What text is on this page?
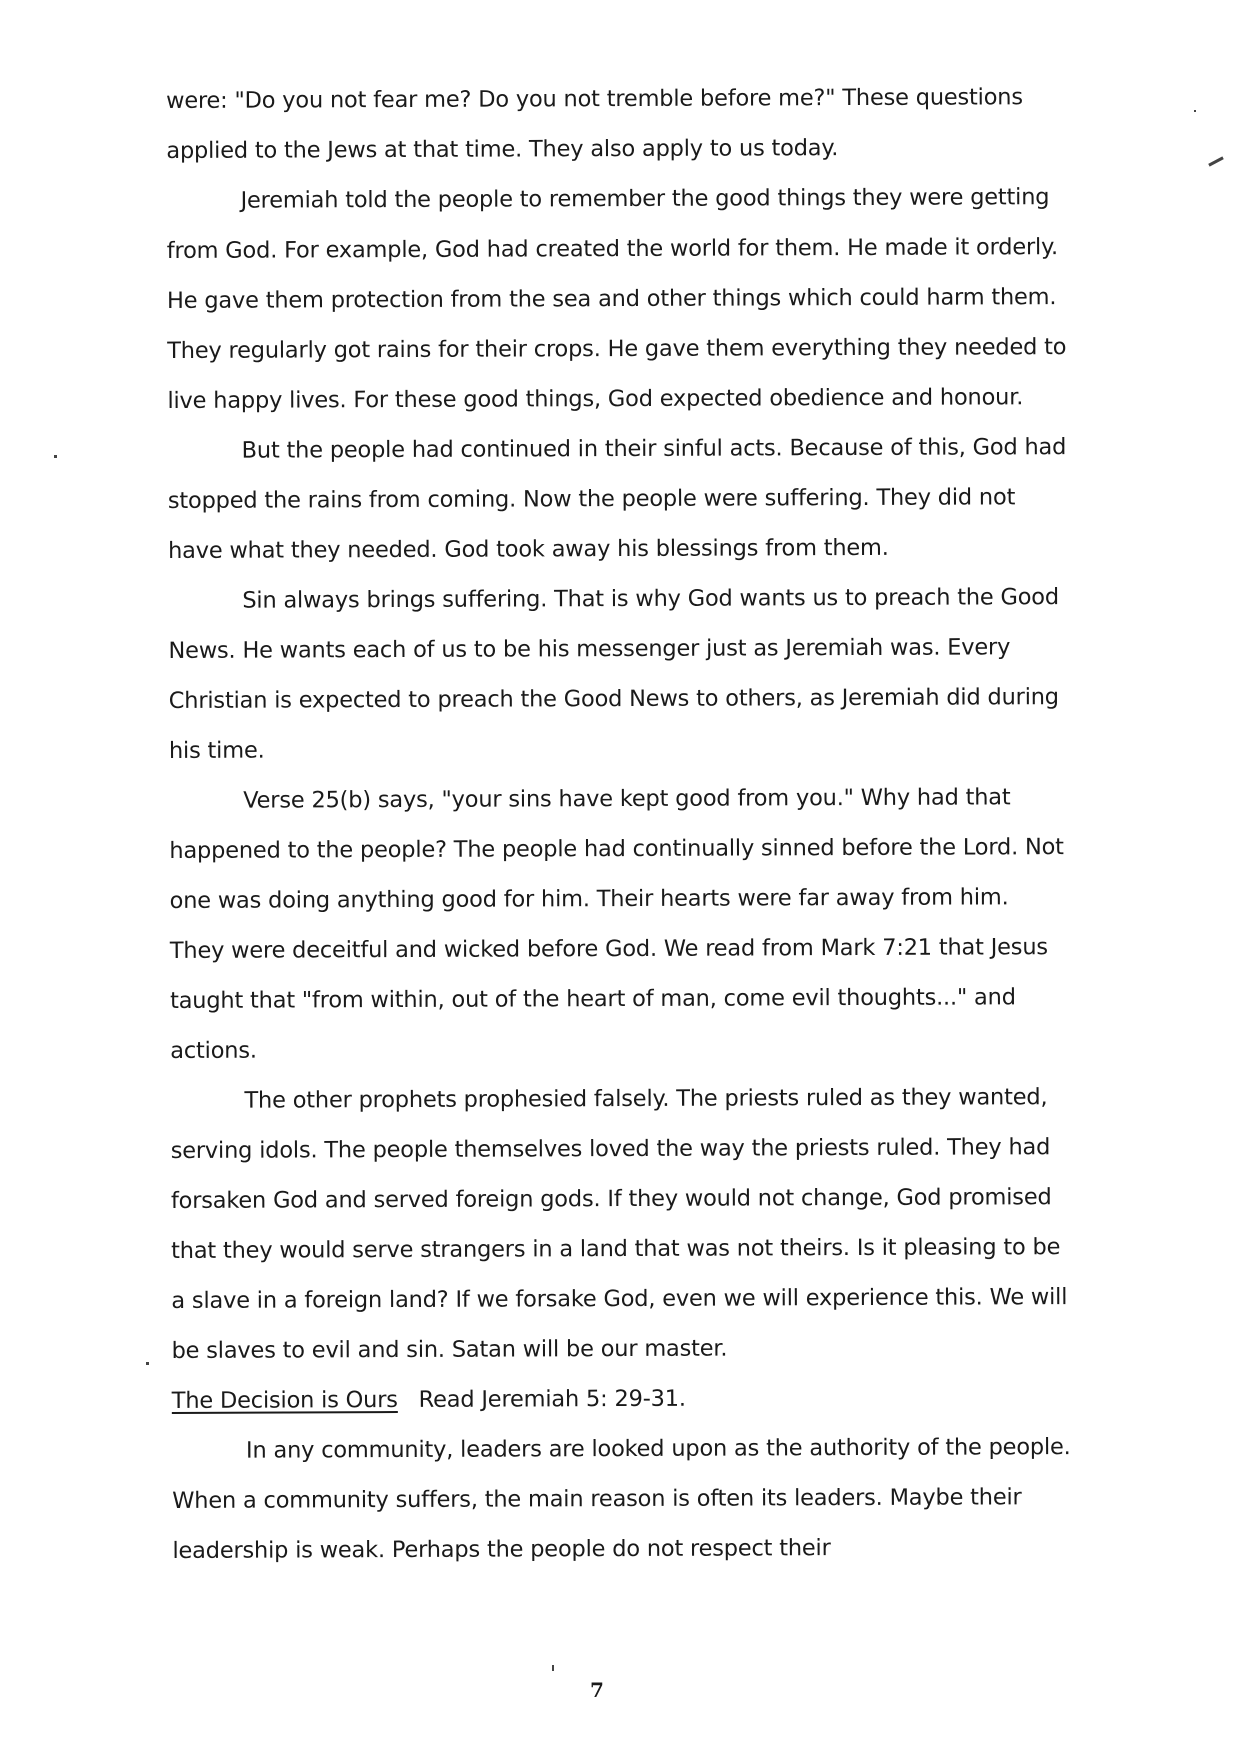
were: "Do you not fear me? Do you not tremble before me?" These questions applied to the Jews at that time. They also apply to us today.

Jeremiah told the people to remember the good things they were getting from God. For example, God had created the world for them. He made it orderly. He gave them protection from the sea and other things which could harm them. They regularly got rains for their crops. He gave them everything they needed to live happy lives. For these good things, God expected obedience and honour.

But the people had continued in their sinful acts. Because of this, God had stopped the rains from coming. Now the people were suffering. They did not have what they needed. God took away his blessings from them.

Sin always brings suffering. That is why God wants us to preach the Good News. He wants each of us to be his messenger just as Jeremiah was. Every Christian is expected to preach the Good News to others, as Jeremiah did during his time.

Verse 25(b) says, "your sins have kept good from you." Why had that happened to the people? The people had continually sinned before the Lord. Not one was doing anything good for him. Their hearts were far away from him. They were deceitful and wicked before God. We read from Mark 7:21 that Jesus taught that "from within, out of the heart of man, come evil thoughts..." and actions.

The other prophets prophesied falsely. The priests ruled as they wanted, serving idols. The people themselves loved the way the priests ruled. They had forsaken God and served foreign gods. If they would not change, God promised that they would serve strangers in a land that was not theirs. Is it pleasing to be a slave in a foreign land? If we forsake God, even we will experience this. We will be slaves to evil and sin. Satan will be our master.

The Decision is Ours Read Jeremiah 5: 29-31.

In any community, leaders are looked upon as the authority of the people. When a community suffers, the main reason is often its leaders. Maybe their leadership is weak. Perhaps the people do not respect their

7
